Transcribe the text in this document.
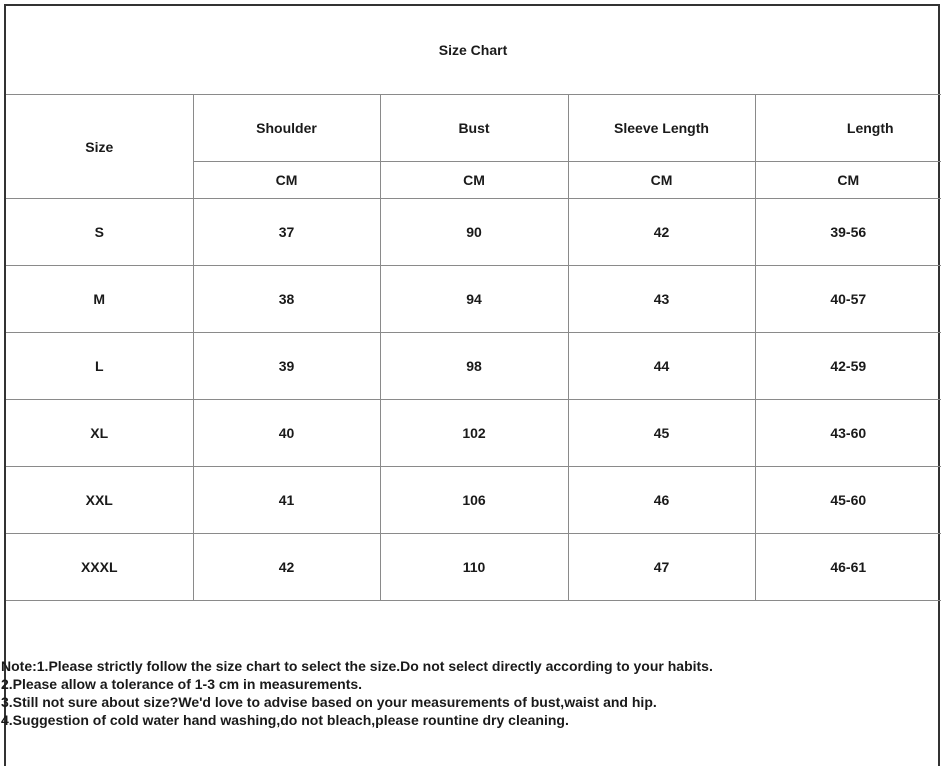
Size Chart
Size	Shoulder	Bust	Sleeve Length	Length
	CM	CM	CM	CM
S	37	90	42	39-56
M	38	94	43	40-57
L	39	98	44	42-59
XL	40	102	45	43-60
XXL	41	106	46	45-60
XXXL	42	110	47	46-61
Note:1.Please strictly follow the size chart to select the size.Do not select directly according to your habits.
2.Please allow a tolerance of 1-3 cm in measurements.
3.Still not sure about size?We'd love to advise based on your measurements of bust,waist and hip.
4.Suggestion of cold water hand washing,do not bleach,please rountine dry cleaning.
